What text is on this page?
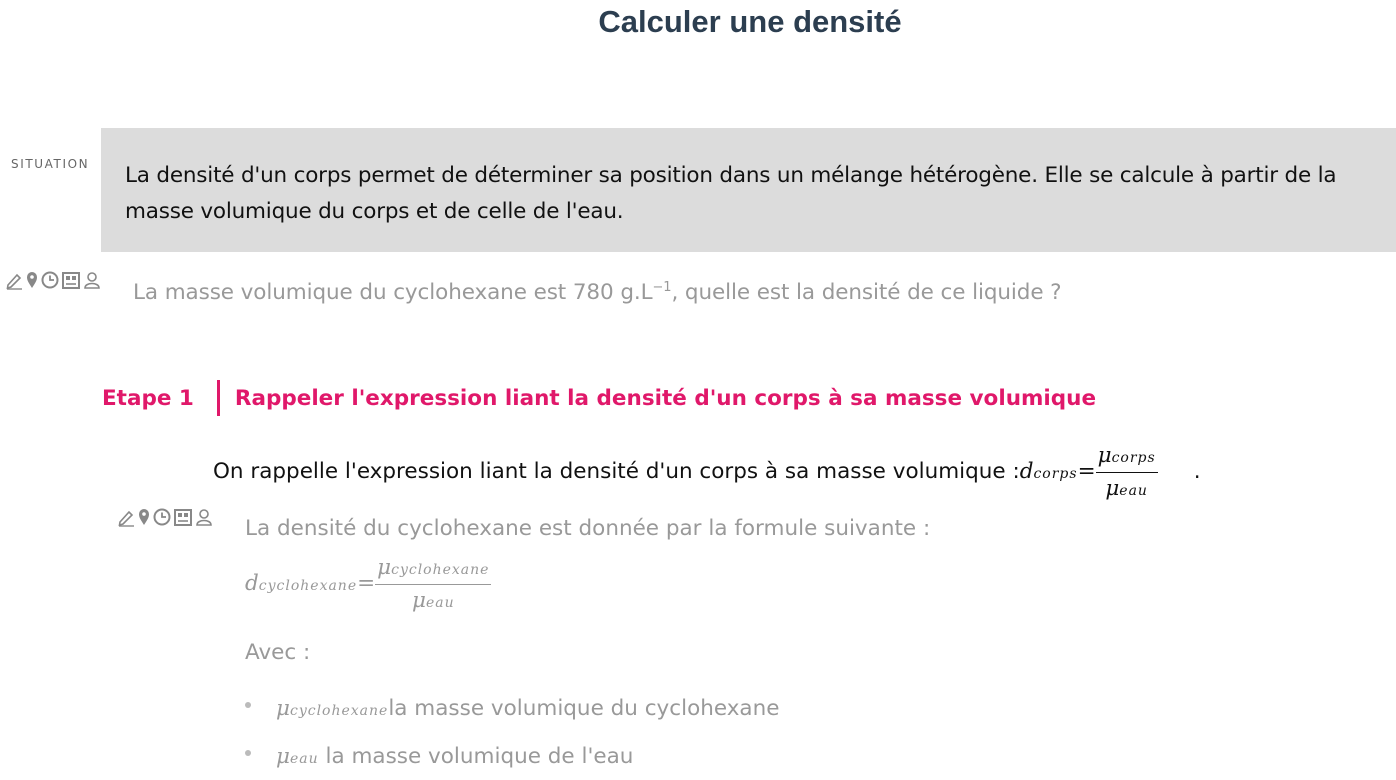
Calculer une densité
SITUATION La densité d'un corps permet de déterminer sa position dans un mélange hétérogène. Elle se calcule à partir de la
masse volumique du corps et de celle de l'eau.
La masse volumique du cyclohexane est 780 $g.L^{-1}$, quelle est la densité de ce liquide ?
Etape 1 Rappeler l'expression liant la densité d'un corps à sa masse volumique
On rappelle l'expression liant la densité d'un corps à sa masse volumique :dcorps= $\frac{\text{μcorps}}{\text{μeau}}$ .
La densité du cyclohexane est donnée par la formule suivante :
dcyclohexane= $\frac{\text{μcyclohexane}}{\text{μeau}}$
Avec :
μcyclohexanela masse volumique du cyclohexane
μeau la masse volumique de l'eau
